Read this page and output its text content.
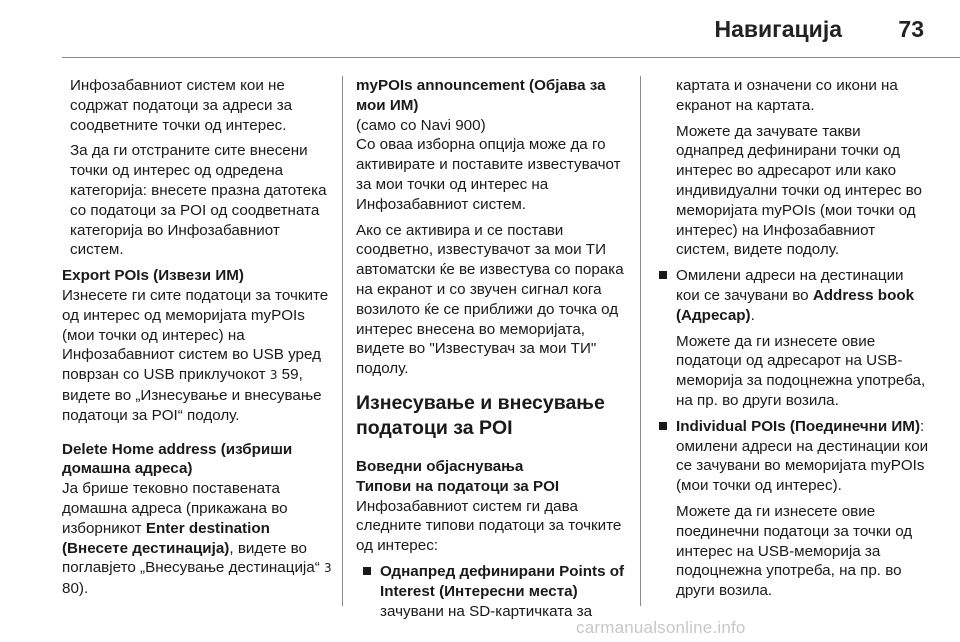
Навигација 73
Инфозабавниот систем кои не содржат податоци за адреси за соодветните точки од интерес.
За да ги отстраните сите внесени точки од интерес од одредена категорија: внесете празна датотека со податоци за POI од соодветната категорија во Инфозабавниот систем.
Export POIs (Извези ИМ)
Изнесете ги сите податоци за точките од интерес од меморијата myPOIs (мои точки од интерес) на Инфозабавниот систем во USB уред поврзан со USB приклучокот 3 59, видете во „Изнесување и внесување податоци за POI“ подолу.
Delete Home address (избриши домашна адреса)
Ја брише тековно поставената домашна адреса (прикажана во изборникот Enter destination (Внесете дестинација), видете во поглавјето „Внесување дестинација“ 3 80).
myPOIs announcement (Објава за мои ИМ)
(само со Navi 900)
Со оваа изборна опција може да го активирате и поставите известувачот за мои точки од интерес на Инфозабавниот систем.
Ако се активира и се постави соодветно, известувачот за мои ТИ автоматски ќе ве известува со порака на екранот и со звучен сигнал кога возилото ќе се приближи до точка од интерес внесена во меморијата, видете во "Известувач за мои ТИ" подолу.
Изнесување и внесување податоци за POI
Воведни објаснувања
Типови на податоци за POI
Инфозабавниот систем ги дава следните типови податоци за точките од интерес:
Однапред дефинирани Points of Interest (Интересни места) зачувани на SD-картичката за
картата и означени со икони на екранот на картата.
Можете да зачувате такви однапред дефинирани точки од интерес во адресарот или како индивидуални точки од интерес во меморијата myPOIs (мои точки од интерес) на Инфозабавниот систем, видете подолу.
Омилени адреси на дестинации кои се зачувани во Address book (Адресар).
Можете да ги изнесете овие податоци од адресарот на USB-меморија за подоцнежна употреба, на пр. во други возила.
Individual POIs (Поединечни ИМ): омилени адреси на дестинации кои се зачувани во меморијата myPOIs (мои точки од интерес).
Можете да ги изнесете овие поединечни податоци за точки од интерес на USB-меморија за подоцнежна употреба, на пр. во други возила.
carmanualsonline.info
